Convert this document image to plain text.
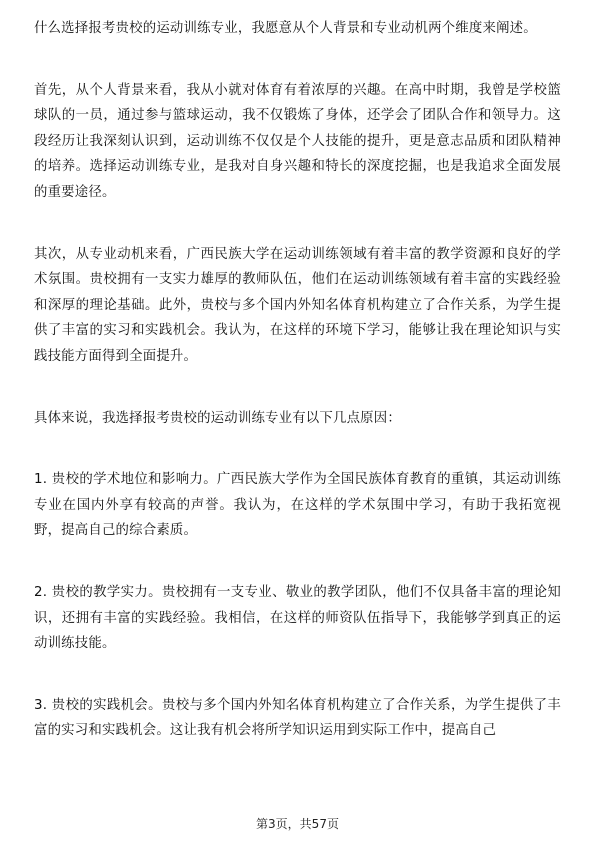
什么选择报考贵校的运动训练专业，我愿意从个人背景和专业动机两个维度来阐述。

首先，从个人背景来看，我从小就对体育有着浓厚的兴趣。在高中时期，我曾是学校篮球队的一员，通过参与篮球运动，我不仅锻炼了身体，还学会了团队合作和领导力。这段经历让我深刻认识到，运动训练不仅仅是个人技能的提升，更是意志品质和团队精神的培养。选择运动训练专业，是我对自身兴趣和特长的深度挖掘，也是我追求全面发展的重要途径。

其次，从专业动机来看，广西民族大学在运动训练领域有着丰富的教学资源和良好的学术氛围。贵校拥有一支实力雄厚的教师队伍，他们在运动训练领域有着丰富的实践经验和深厚的理论基础。此外，贵校与多个国内外知名体育机构建立了合作关系，为学生提供了丰富的实习和实践机会。我认为，在这样的环境下学习，能够让我在理论知识与实践技能方面得到全面提升。

具体来说，我选择报考贵校的运动训练专业有以下几点原因：

1. 贵校的学术地位和影响力。广西民族大学作为全国民族体育教育的重镇，其运动训练专业在国内外享有较高的声誉。我认为，在这样的学术氛围中学习，有助于我拓宽视野，提高自己的综合素质。

2. 贵校的教学实力。贵校拥有一支专业、敬业的教学团队，他们不仅具备丰富的理论知识，还拥有丰富的实践经验。我相信，在这样的师资队伍指导下，我能够学到真正的运动训练技能。

3. 贵校的实践机会。贵校与多个国内外知名体育机构建立了合作关系，为学生提供了丰富的实习和实践机会。这让我有机会将所学知识运用到实际工作中，提高自己

第3页，共57页
